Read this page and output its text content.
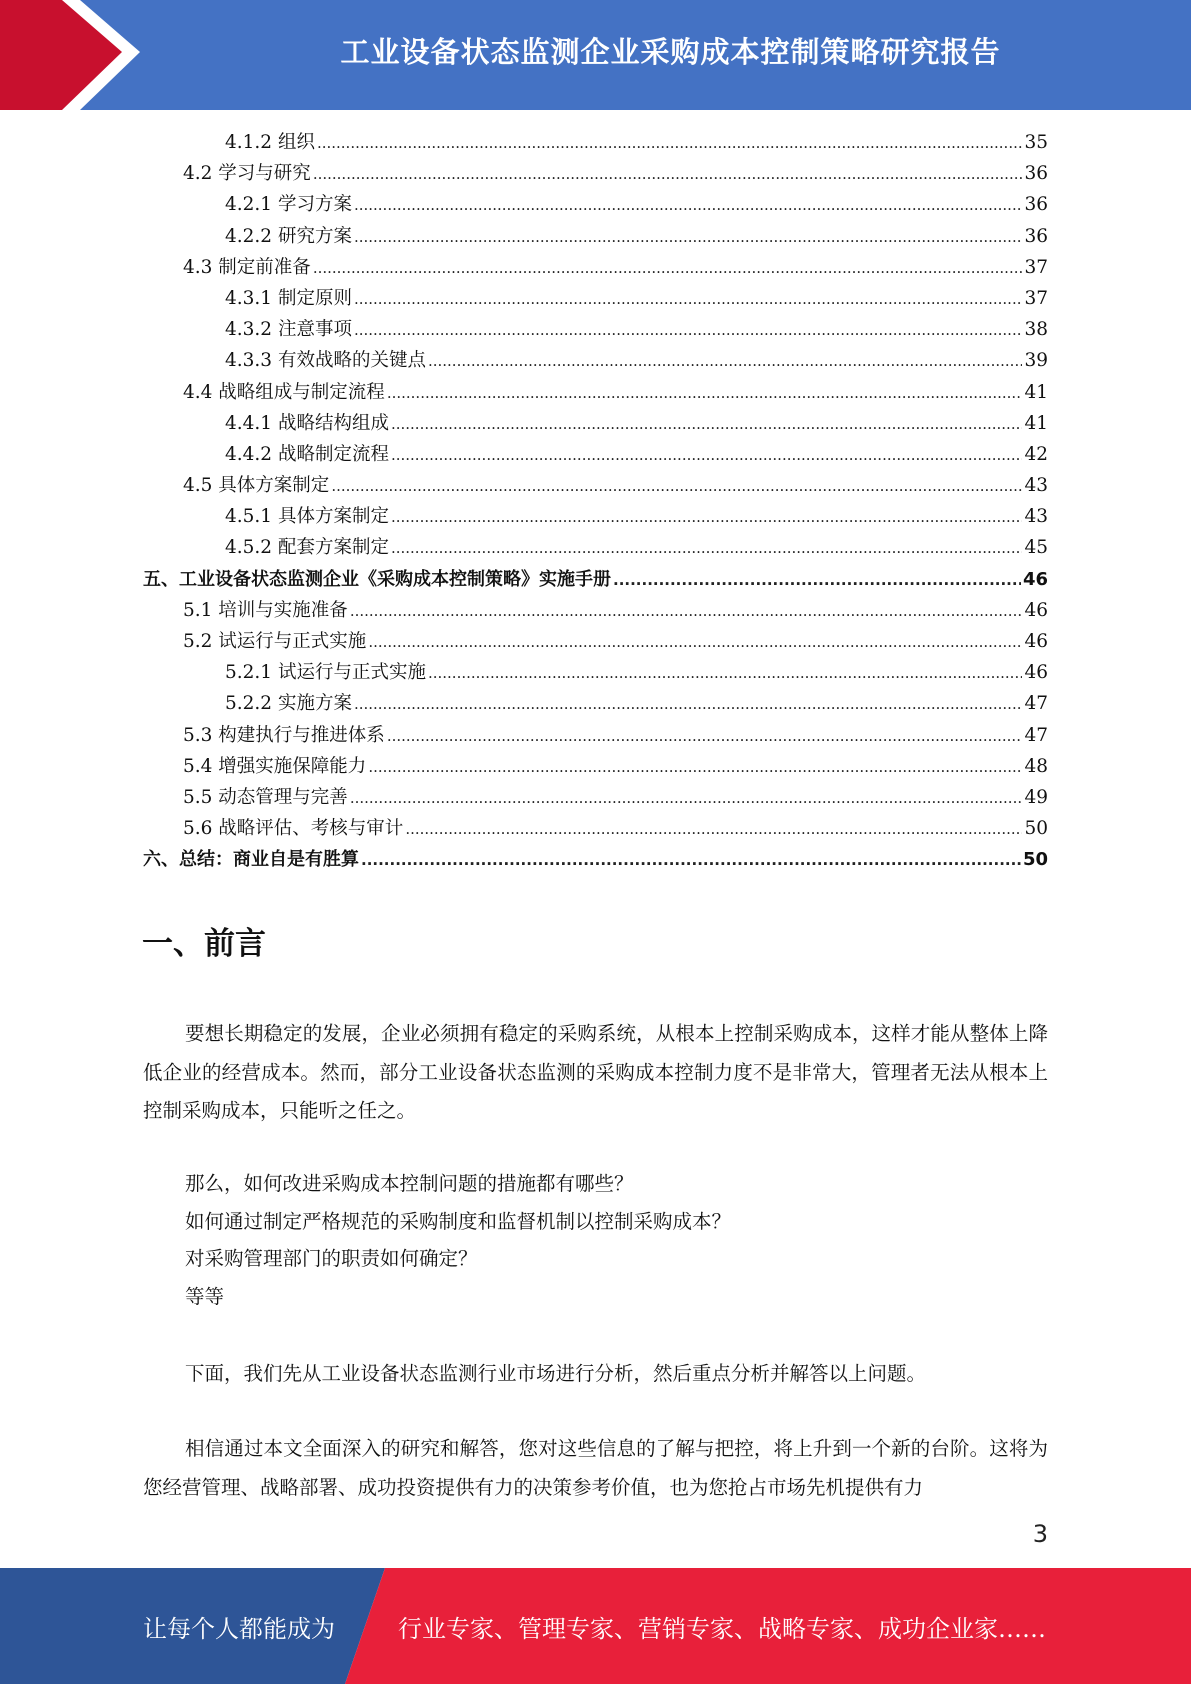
工业设备状态监测企业采购成本控制策略研究报告
4.1.2 组织 .....	35
4.2 学习与研究 .....	36
4.2.1 学习方案 .....	36
4.2.2 研究方案 .....	36
4.3 制定前准备 .....	37
4.3.1 制定原则 .....	37
4.3.2 注意事项 .....	38
4.3.3 有效战略的关键点 .....	39
4.4 战略组成与制定流程 .....	41
4.4.1 战略结构组成 .....	41
4.4.2 战略制定流程 .....	42
4.5 具体方案制定 .....	43
4.5.1 具体方案制定 .....	43
4.5.2 配套方案制定 .....	45
五、工业设备状态监测企业《采购成本控制策略》实施手册 .....	46
5.1 培训与实施准备 .....	46
5.2 试运行与正式实施 .....	46
5.2.1 试运行与正式实施 .....	46
5.2.2 实施方案 .....	47
5.3 构建执行与推进体系 .....	47
5.4 增强实施保障能力 .....	48
5.5 动态管理与完善 .....	49
5.6 战略评估、考核与审计 .....	50
六、总结：商业自是有胜算 .....	50
一、前言

要想长期稳定的发展，企业必须拥有稳定的采购系统，从根本上控制采购成本，这样才能从整体上降低企业的经营成本。然而，部分工业设备状态监测的采购成本控制力度不是非常大，管理者无法从根本上控制采购成本，只能听之任之。

那么，如何改进采购成本控制问题的措施都有哪些？

如何通过制定严格规范的采购制度和监督机制以控制采购成本？

对采购管理部门的职责如何确定？

等等

下面，我们先从工业设备状态监测行业市场进行分析，然后重点分析并解答以上问题。

相信通过本文全面深入的研究和解答，您对这些信息的了解与把控，将上升到一个新的台阶。这将为您经营管理、战略部署、成功投资提供有力的决策参考价值，也为您抢占市场先机提供有力

3
让每个人都能成为	行业专家、管理专家、营销专家、战略专家、成功企业家……
